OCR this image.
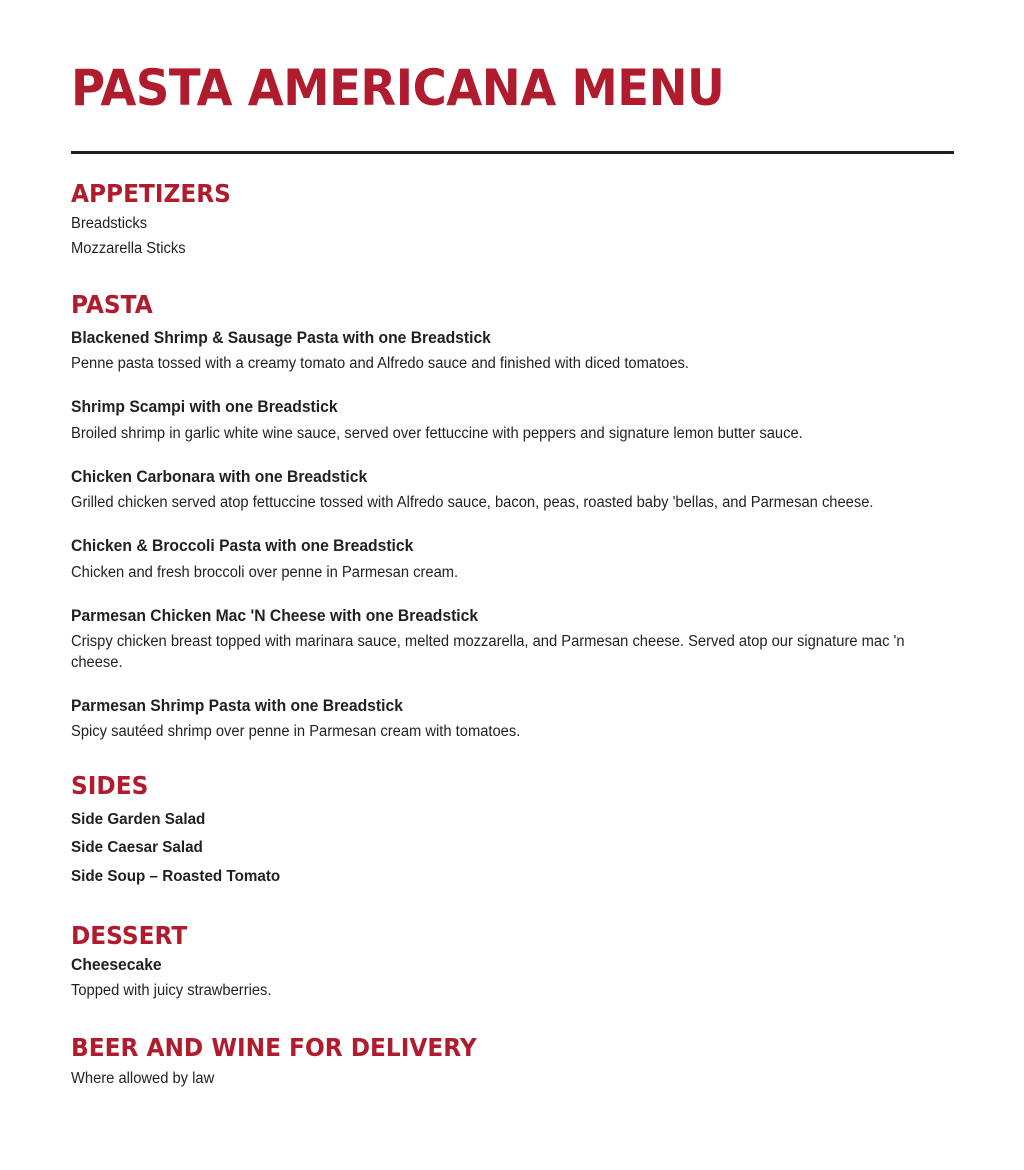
PASTA AMERICANA MENU
APPETIZERS
Breadsticks
Mozzarella Sticks
PASTA

Blackened Shrimp & Sausage Pasta with one Breadstick

Penne pasta tossed with a creamy tomato and Alfredo sauce and finished with diced tomatoes.

Shrimp Scampi with one Breadstick

Broiled shrimp in garlic white wine sauce, served over fettuccine with peppers and signature lemon butter sauce.

Chicken Carbonara with one Breadstick

Grilled chicken served atop fettuccine tossed with Alfredo sauce, bacon, peas, roasted baby 'bellas, and Parmesan cheese.

Chicken & Broccoli Pasta with one Breadstick

Chicken and fresh broccoli over penne in Parmesan cream.

Parmesan Chicken Mac 'N Cheese with one Breadstick

Crispy chicken breast topped with marinara sauce, melted mozzarella, and Parmesan cheese. Served atop our signature mac 'n cheese.

Parmesan Shrimp Pasta with one Breadstick

Spicy sautéed shrimp over penne in Parmesan cream with tomatoes.

SIDES
Side Garden Salad
Side Caesar Salad
Side Soup – Roasted Tomato
DESSERT

Cheesecake

Topped with juicy strawberries.

BEER AND WINE FOR DELIVERY
Where allowed by law
